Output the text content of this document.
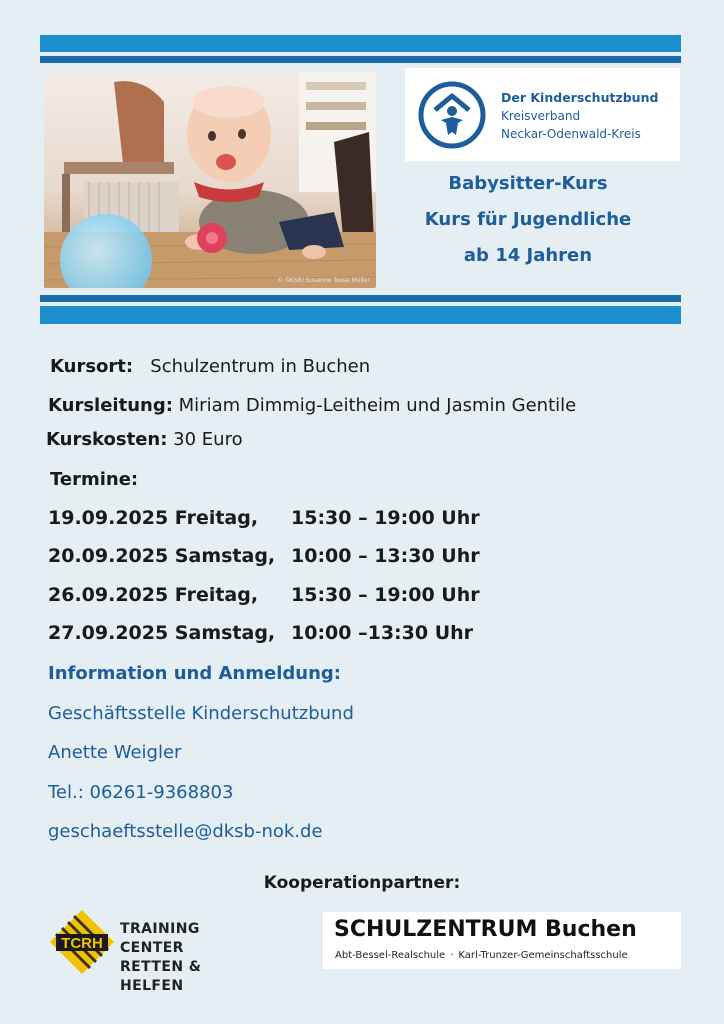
© DKSB/ Susanne Tessa Müller
Der Kinderschutzbund
Kreisverband
Neckar-Odenwald-Kreis
Babysitter-Kurs
Kurs für Jugendliche
ab 14 Jahren
Kursort: Schulzentrum in Buchen
Kursleitung: Miriam Dimmig-Leitheim und Jasmin Gentile
Kurskosten: 30 Euro
Termine:
19.09.2025 Freitag, 15:30 – 19:00 Uhr
20.09.2025 Samstag, 10:00 – 13:30 Uhr
26.09.2025 Freitag, 15:30 – 19:00 Uhr
27.09.2025 Samstag, 10:00 –13:30 Uhr
Information und Anmeldung:
Geschäftsstelle Kinderschutzbund
Anette Weigler
Tel.: 06261-9368803
geschaeftsstelle@dksb-nok.de
Kooperationpartner:
TCRH
TRAINING CENTER
RETTEN & HELFEN
SCHULZENTRUM Buchen
Abt-Bessel-Realschule · Karl-Trunzer-Gemeinschaftsschule
